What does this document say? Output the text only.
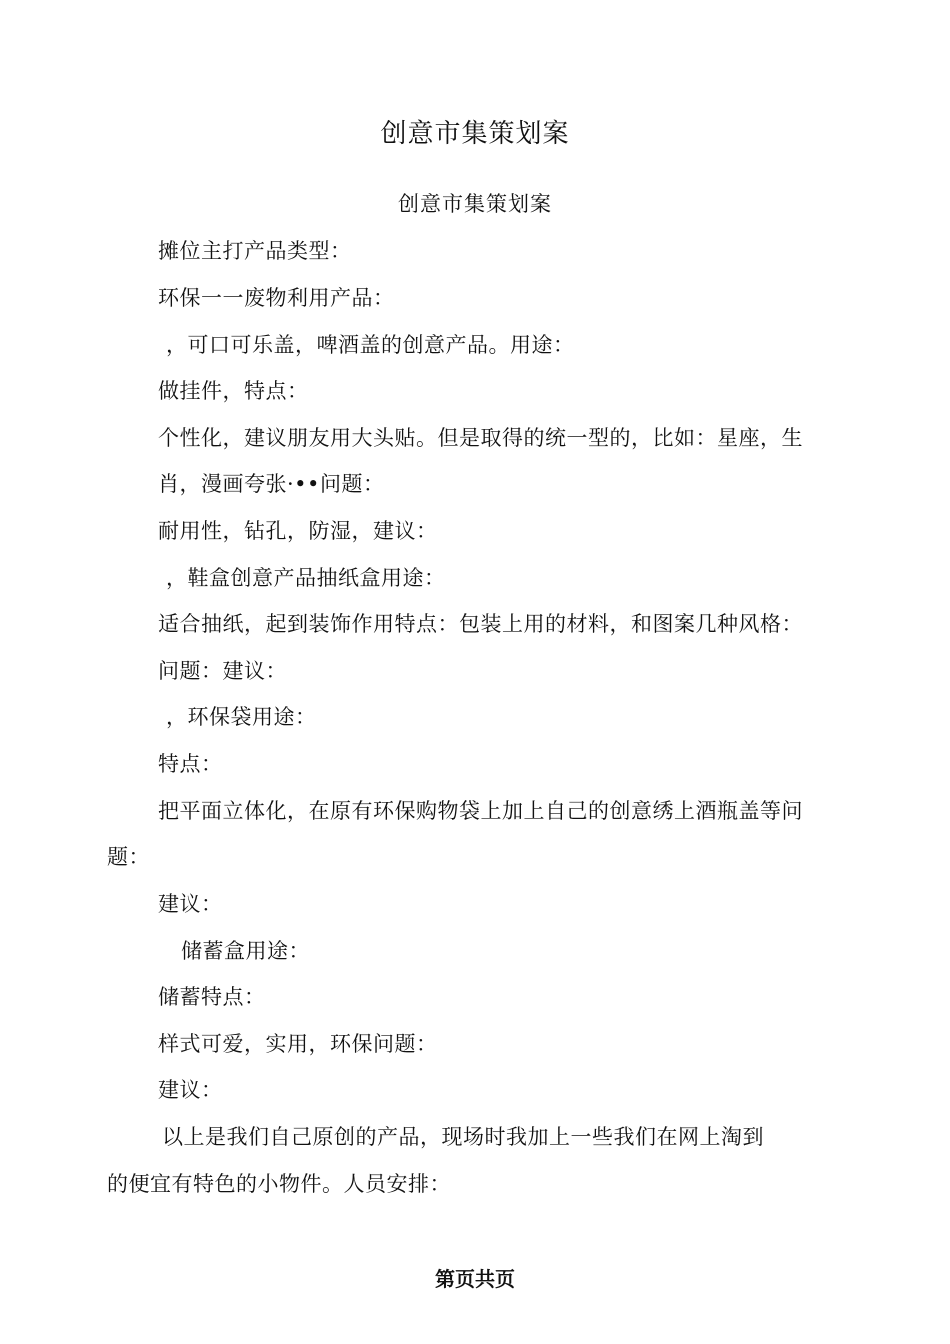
创意市集策划案
创意市集策划案
摊位主打产品类型：
环保一一废物利用产品：
，可口可乐盖，啤酒盖的创意产品。用途：
做挂件，特点：
个性化，建议朋友用大头贴。但是取得的统一型的，比如：星座，生
肖，漫画夸张·••问题：
耐用性，钻孔，防湿，建议：
，鞋盒创意产品抽纸盒用途：
适合抽纸，起到装饰作用特点：包装上用的材料，和图案几种风格：
问题：建议：
，环保袋用途：
特点：
把平面立体化，在原有环保购物袋上加上自己的创意绣上酒瓶盖等问
题：
建议：
储蓄盒用途：
储蓄特点：
样式可爱，实用，环保问题：
建议：
以上是我们自己原创的产品，现场时我加上一些我们在网上淘到
的便宜有特色的小物件。人员安排：
第页共页
